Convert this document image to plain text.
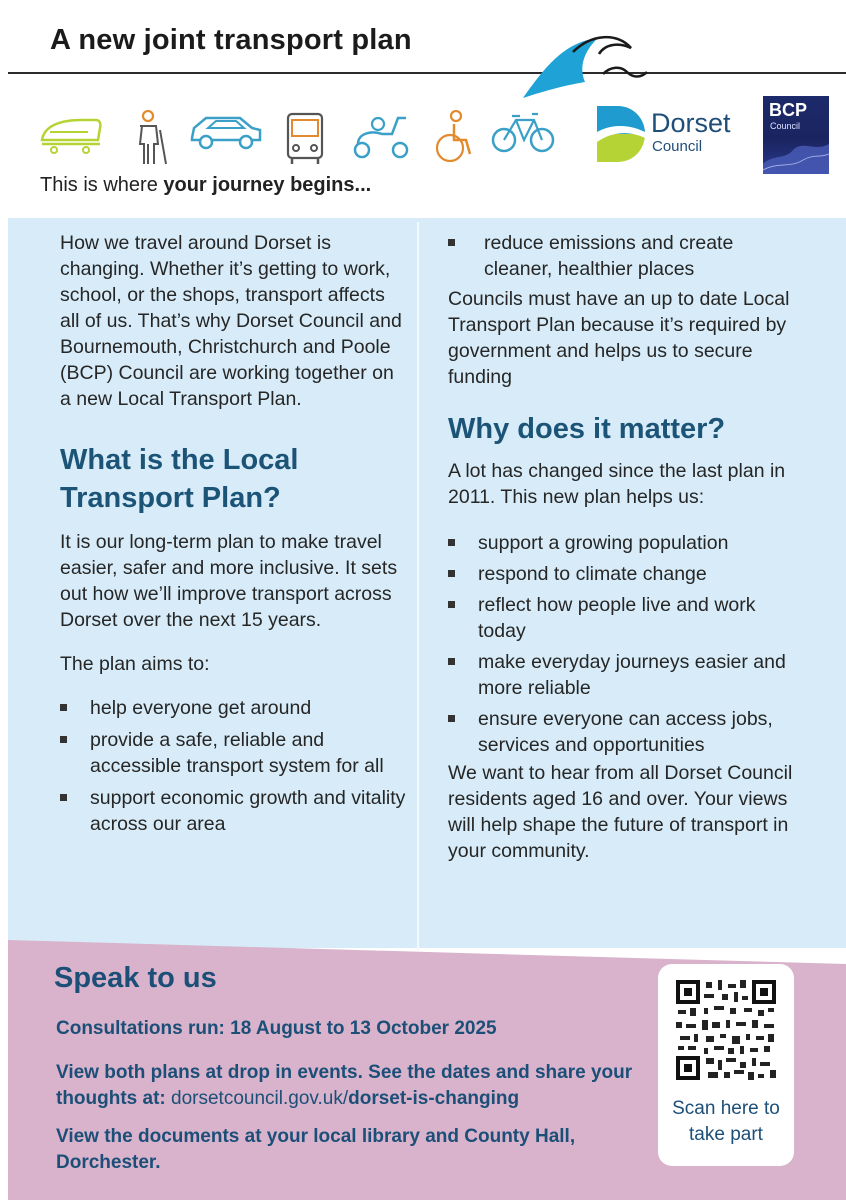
A new joint transport plan
This is where your journey begins...
Dorset
Council
BCP
Council

How we travel around Dorset is changing. Whether it’s getting to work, school, or the shops, transport affects all of us. That’s why Dorset Council and Bournemouth, Christchurch and Poole (BCP) Council are working together on a new Local Transport Plan.

What is the Local Transport Plan?

It is our long-term plan to make travel easier, safer and more inclusive. It sets out how we’ll improve transport across Dorset over the next 15 years.

The plan aims to:

help everyone get around
provide a safe, reliable and accessible transport system for all
support economic growth and vitality across our area
reduce emissions and create cleaner, healthier places

Councils must have an up to date Local Transport Plan because it’s required by government and helps us to secure funding

Why does it matter?

A lot has changed since the last plan in 2011. This new plan helps us:

support a growing population
respond to climate change
reflect how people live and work today
make everyday journeys easier and more reliable
ensure everyone can access jobs, services and opportunities

We want to hear from all Dorset Council residents aged 16 and over. Your views will help shape the future of transport in your community.

Speak to us
Consultations run: 18 August to 13 October 2025
View both plans at drop in events. See the dates and share your thoughts at: dorsetcouncil.gov.uk/dorset-is-changing
View the documents at your local library and County Hall, Dorchester.
Scan here to take part
